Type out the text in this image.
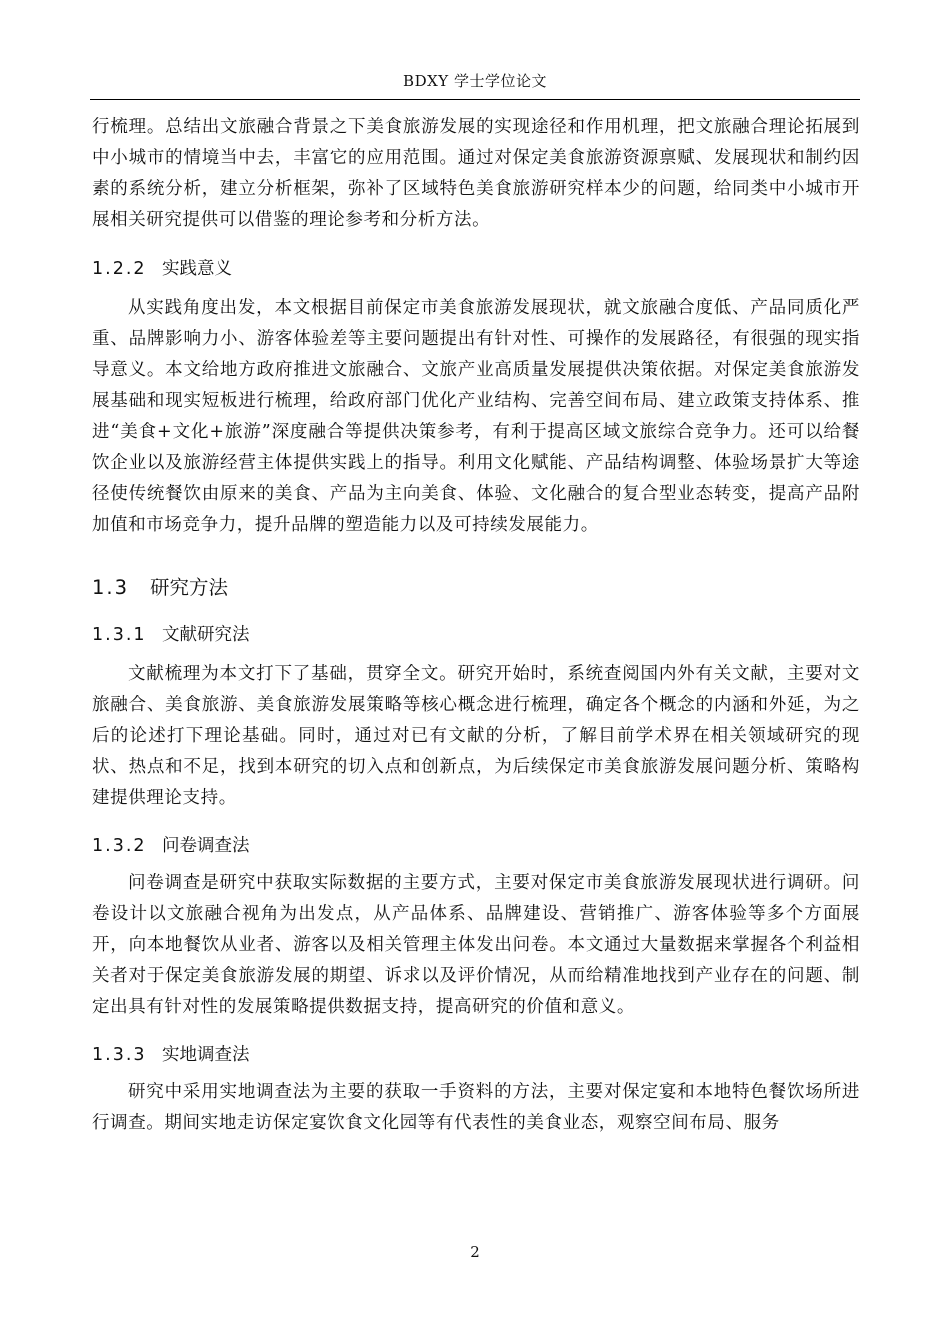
BDXY 学士学位论文

行梳理。总结出文旅融合背景之下美食旅游发展的实现途径和作用机理，把文旅融合理论拓展到中小城市的情境当中去，丰富它的应用范围。通过对保定美食旅游资源禀赋、发展现状和制约因素的系统分析，建立分析框架，弥补了区域特色美食旅游研究样本少的问题，给同类中小城市开展相关研究提供可以借鉴的理论参考和分析方法。

1.2.2 实践意义

从实践角度出发，本文根据目前保定市美食旅游发展现状，就文旅融合度低、产品同质化严重、品牌影响力小、游客体验差等主要问题提出有针对性、可操作的发展路径，有很强的现实指导意义。本文给地方政府推进文旅融合、文旅产业高质量发展提供决策依据。对保定美食旅游发展基础和现实短板进行梳理，给政府部门优化产业结构、完善空间布局、建立政策支持体系、推进“美食+文化+旅游”深度融合等提供决策参考，有利于提高区域文旅综合竞争力。还可以给餐饮企业以及旅游经营主体提供实践上的指导。利用文化赋能、产品结构调整、体验场景扩大等途径使传统餐饮由原来的美食、产品为主向美食、体验、文化融合的复合型业态转变，提高产品附加值和市场竞争力，提升品牌的塑造能力以及可持续发展能力。

1.3 研究方法
1.3.1 文献研究法

文献梳理为本文打下了基础，贯穿全文。研究开始时，系统查阅国内外有关文献，主要对文旅融合、美食旅游、美食旅游发展策略等核心概念进行梳理，确定各个概念的内涵和外延，为之后的论述打下理论基础。同时，通过对已有文献的分析，了解目前学术界在相关领域研究的现状、热点和不足，找到本研究的切入点和创新点，为后续保定市美食旅游发展问题分析、策略构建提供理论支持。

1.3.2 问卷调查法

问卷调查是研究中获取实际数据的主要方式，主要对保定市美食旅游发展现状进行调研。问卷设计以文旅融合视角为出发点，从产品体系、品牌建设、营销推广、游客体验等多个方面展开，向本地餐饮从业者、游客以及相关管理主体发出问卷。本文通过大量数据来掌握各个利益相关者对于保定美食旅游发展的期望、诉求以及评价情况，从而给精准地找到产业存在的问题、制定出具有针对性的发展策略提供数据支持，提高研究的价值和意义。

1.3.3 实地调查法

研究中采用实地调查法为主要的获取一手资料的方法，主要对保定宴和本地特色餐饮场所进行调查。期间实地走访保定宴饮食文化园等有代表性的美食业态，观察空间布局、服务

2
